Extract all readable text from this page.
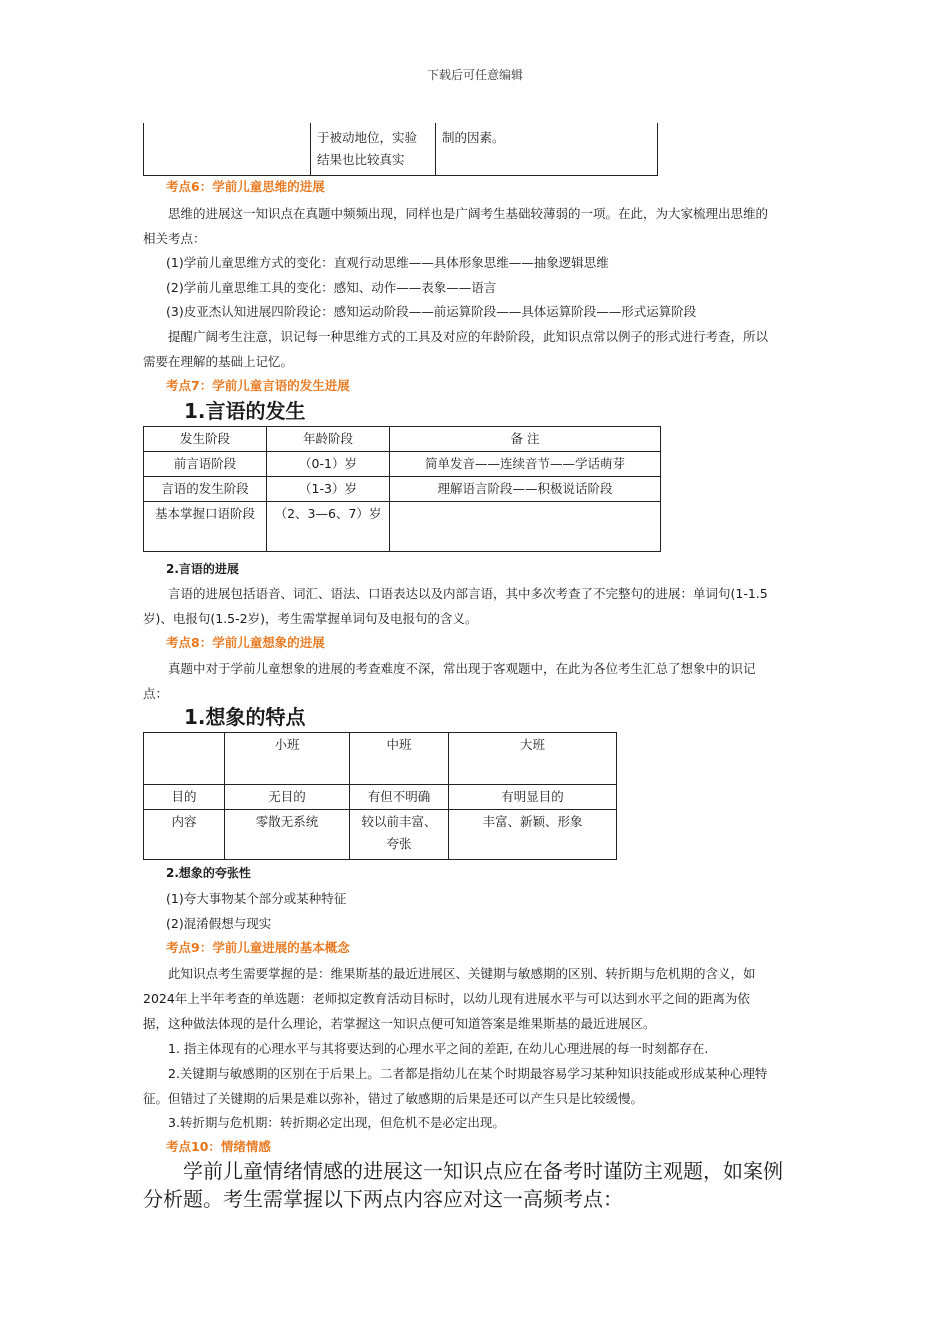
下载后可任意编辑
	于被动地位，实验结果也比较真实	制的因素。
考点6：学前儿童思维的进展
思维的进展这一知识点在真题中频频出现，同样也是广阔考生基础较薄弱的一项。在此，为大家梳理出思维的相关考点：
(1)学前儿童思维方式的变化：直观行动思维——具体形象思维——抽象逻辑思维
(2)学前儿童思维工具的变化：感知、动作——表象——语言
(3)皮亚杰认知进展四阶段论：感知运动阶段——前运算阶段——具体运算阶段——形式运算阶段
提醒广阔考生注意，识记每一种思维方式的工具及对应的年龄阶段，此知识点常以例子的形式进行考查，所以需要在理解的基础上记忆。
考点7：学前儿童言语的发生进展
1.言语的发生
发生阶段	年龄阶段	备 注
前言语阶段	（0-1）岁	简单发音——连续音节——学话萌芽
言语的发生阶段	（1-3）岁	理解语言阶段——积极说话阶段
基本掌握口语阶段	（2、3—6、7）岁	
2.言语的进展
言语的进展包括语音、词汇、语法、口语表达以及内部言语，其中多次考查了不完整句的进展：单词句(1-1.5岁)、电报句(1.5-2岁)，考生需掌握单词句及电报句的含义。
考点8：学前儿童想象的进展
真题中对于学前儿童想象的进展的考查难度不深，常出现于客观题中，在此为各位考生汇总了想象中的识记点：
1.想象的特点
	小班	中班	大班
目的	无目的	有但不明确	有明显目的
内容	零散无系统	较以前丰富、夸张	丰富、新颖、形象
2.想象的夸张性
(1)夸大事物某个部分或某种特征
(2)混淆假想与现实
考点9：学前儿童进展的基本概念
此知识点考生需要掌握的是：维果斯基的最近进展区、关键期与敏感期的区别、转折期与危机期的含义，如2024年上半年考查的单选题：老师拟定教育活动目标时，以幼儿现有进展水平与可以达到水平之间的距离为依据，这种做法体现的是什么理论，若掌握这一知识点便可知道答案是维果斯基的最近进展区。
1. 指主体现有的心理水平与其将要达到的心理水平之间的差距, 在幼儿心理进展的每一时刻都存在.
2.关键期与敏感期的区别在于后果上。二者都是指幼儿在某个时期最容易学习某种知识技能或形成某种心理特征。但错过了关键期的后果是难以弥补，错过了敏感期的后果是还可以产生只是比较缓慢。
3.转折期与危机期：转折期必定出现，但危机不是必定出现。
考点10：情绪情感
学前儿童情绪情感的进展这一知识点应在备考时谨防主观题，如案例分析题。考生需掌握以下两点内容应对这一高频考点：
